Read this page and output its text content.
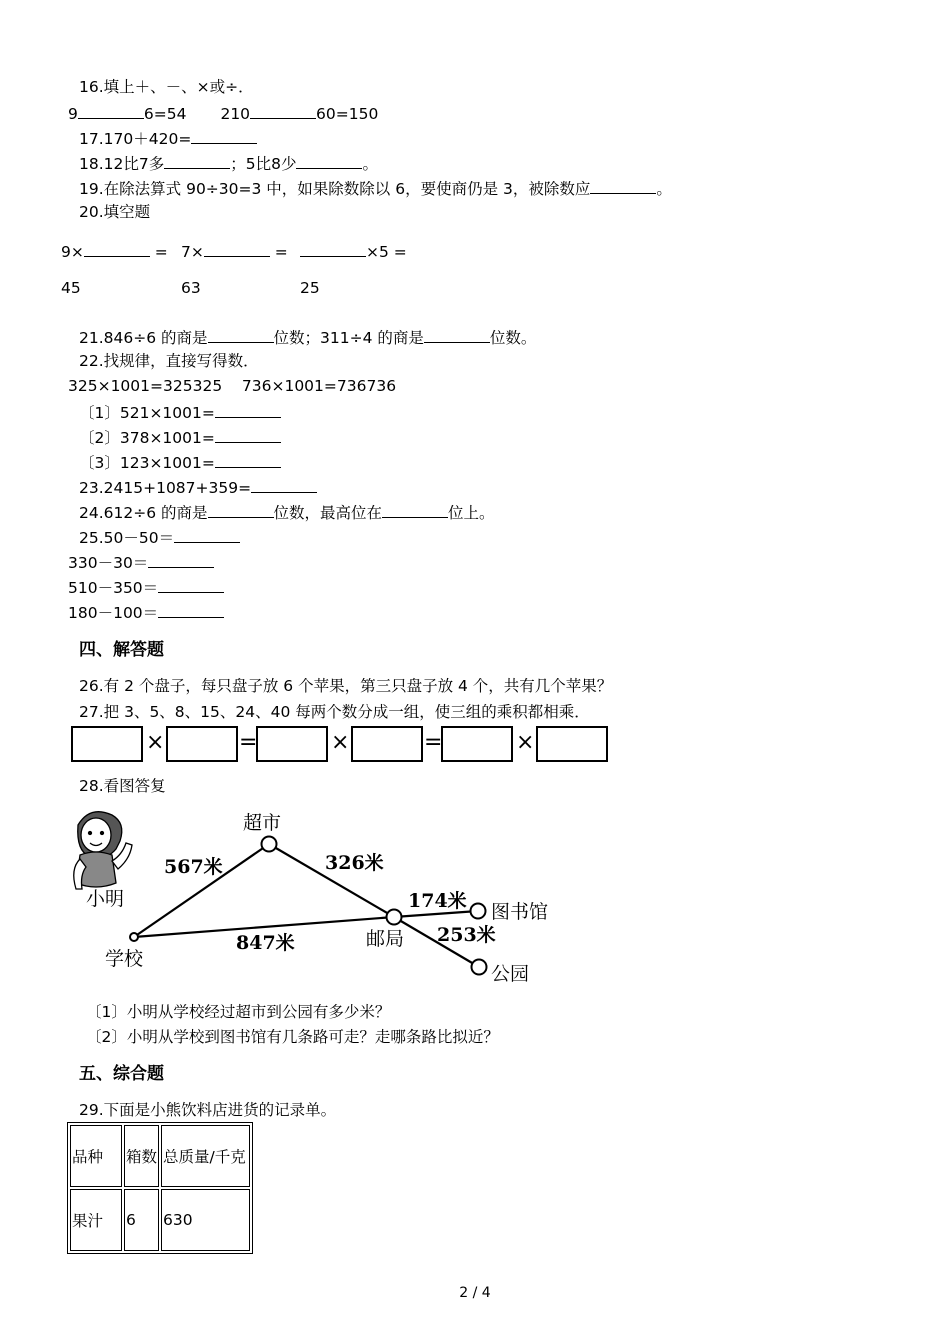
16.填上＋、－、×或÷．
9	6=54 210	60=150
17.170＋420=
18.12比7多	；5比8少	。
19.在除法算式 90÷30=3 中，如果除数除以 6，要使商仍是 3，被除数应	。
20.填空题
9×	= 7×	=	×5 =
45	63	25
21.846÷6 的商是	位数；311÷4 的商是	位数。
22.找规律，直接写得数．
325×1001=325325    736×1001=736736
〔1〕521×1001=
〔2〕378×1001=
〔3〕123×1001=
23.2415+1087+359=
24.612÷6 的商是	位数，最高位在	位上。
25.50－50＝
330－30＝
510－350＝
180－100＝
四、解答题
26.有 2 个盘子，每只盘子放 6 个苹果，第三只盘子放 4 个，共有几个苹果？
27.把 3、5、8、15、24、40 每两个数分成一组，使三组的乘积都相乘．
×	=	×	=	×
28.看图答复
小明
超市
学校
邮局
图书馆
公园
567米	326米
847米
174米
253米
〔1〕小明从学校经过超市到公园有多少米？
〔2〕小明从学校到图书馆有几条路可走？走哪条路比拟近？
五、综合题
29.下面是小熊饮料店进货的记录单。
品种	箱数	总质量/千克
果汁	6	630
2 / 4
